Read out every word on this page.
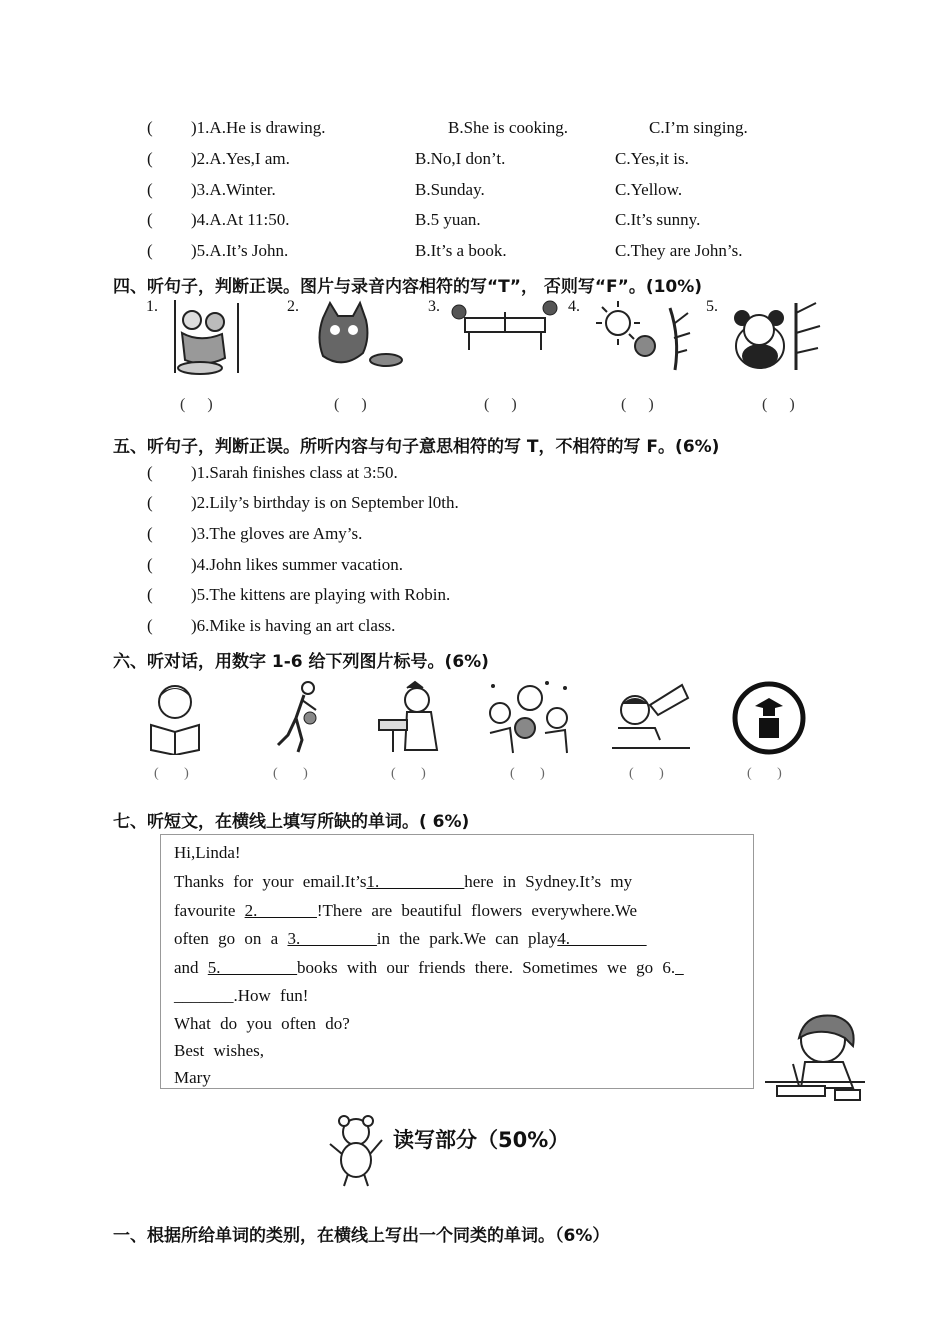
( )1.A.He is drawing.	B.She is cooking.	C.I’m singing.
( )2.A.Yes,I am.	B.No,I don’t.	C.Yes,it is.
( )3.A.Winter.	B.Sunday.	C.Yellow.
( )4.A.At 11:50.	B.5 yuan.	C.It’s sunny.
( )5.A.It’s John.	B.It’s a book.	C.They are John’s.
四、听句子，判断正误。图片与录音内容相符的写“T”， 否则写“F”。(10%)
1.	2.	3.	4.	5.
( )	( )	( )	( )	( )
五、听句子，判断正误。所听内容与句子意思相符的写 T，不相符的写 F。(6%)
( )1.Sarah finishes class at 3:50.
( )2.Lily’s birthday is on September l0th.
( )3.The gloves are Amy’s.
( )4.John likes summer vacation.
( )5.The kittens are playing with Robin.
( )6.Mike is having an art class.
六、听对话，用数字 1-6 给下列图片标号。(6%)
( )	( )	( )	( )	( )	( )
七、听短文，在横线上填写所缺的单词。( 6%)
Hi,Linda!
Thanks for your email.It’s1.__________here in Sydney.It’s my
favourite 2._______!There are beautiful flowers everywhere.We
often go on a 3._________in the park.We can play4._________
and 5._________books with our friends there. Sometimes we go 6._
_______.How fun!
What do you often do?
Best wishes,
Mary
读写部分（50%）
一、根据所给单词的类别，在横线上写出一个同类的单词。（6%）
